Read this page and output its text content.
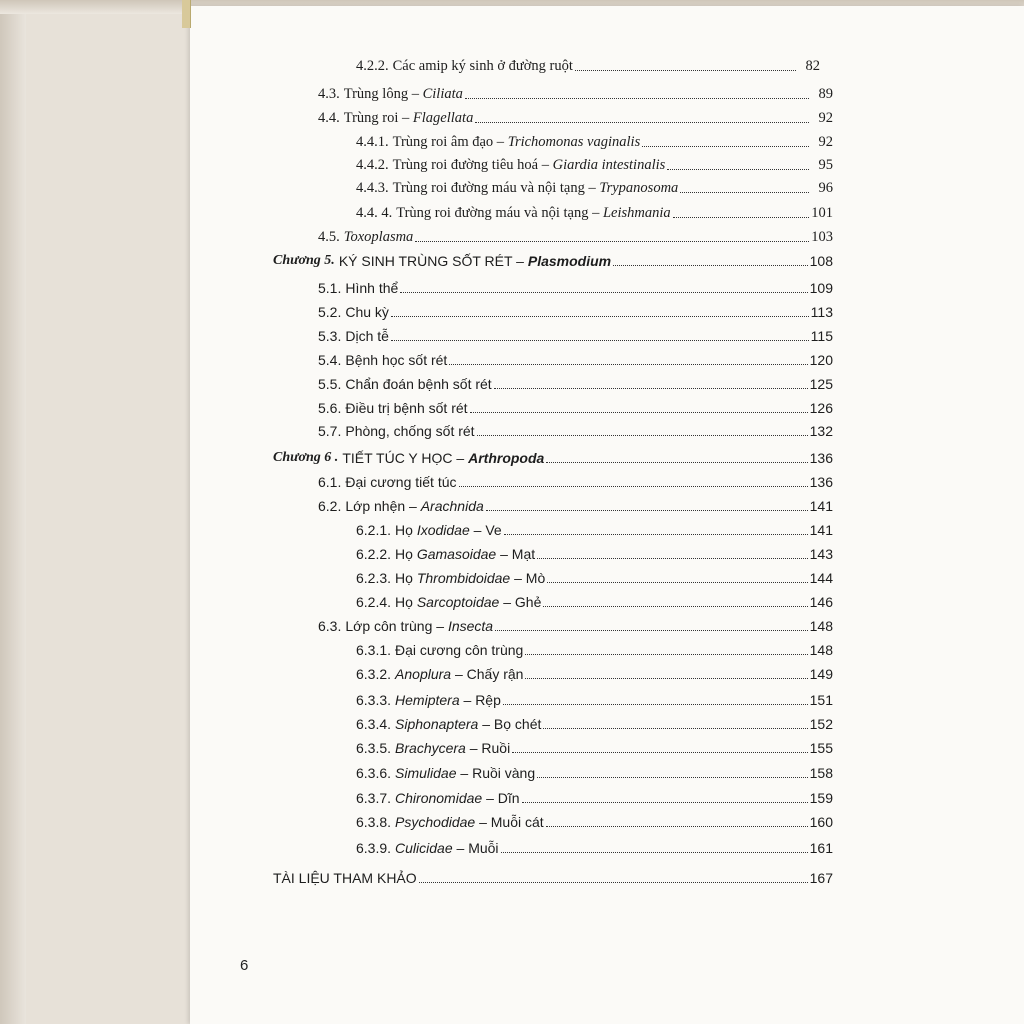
4.2.2. Các amip ký sinh ở đường ruột	82
4.3. Trùng lông – Ciliata	89
4.4. Trùng roi – Flagellata	92
4.4.1. Trùng roi âm đạo – Trichomonas vaginalis	92
4.4.2. Trùng roi đường tiêu hoá – Giardia intestinalis	95
4.4.3. Trùng roi đường máu và nội tạng – Trypanosoma	96
4.4. 4. Trùng roi đường máu và nội tạng – Leishmania	101
4.5. Toxoplasma	103
Chương 5. KÝ SINH TRÙNG SỐT RÉT – Plasmodium	108
5.1. Hình thể	109
5.2. Chu kỳ	113
5.3. Dịch tễ	115
5.4. Bệnh học sốt rét	120
5.5. Chẩn đoán bệnh sốt rét	125
5.6. Điều trị bệnh sốt rét	126
5.7. Phòng, chống sốt rét	132
Chương 6 . TIẾT TÚC Y HỌC – Arthropoda	136
6.1. Đại cương tiết túc	136
6.2. Lớp nhện – Arachnida	141
6.2.1. Họ Ixodidae – Ve	141
6.2.2. Họ Gamasoidae – Mạt	143
6.2.3. Họ Thrombidoidae – Mò	144
6.2.4. Họ Sarcoptoidae – Ghẻ	146
6.3. Lớp côn trùng – Insecta	148
6.3.1. Đại cương côn trùng	148
6.3.2. Anoplura – Chấy rận	149
6.3.3. Hemiptera – Rệp	151
6.3.4. Siphonaptera – Bọ chét	152
6.3.5. Brachycera – Ruồi	155
6.3.6. Simulidae – Ruồi vàng	158
6.3.7. Chironomidae – Dĩn	159
6.3.8. Psychodidae – Muỗi cát	160
6.3.9. Culicidae – Muỗi	161
TÀI LIỆU THAM KHẢO	167
6
